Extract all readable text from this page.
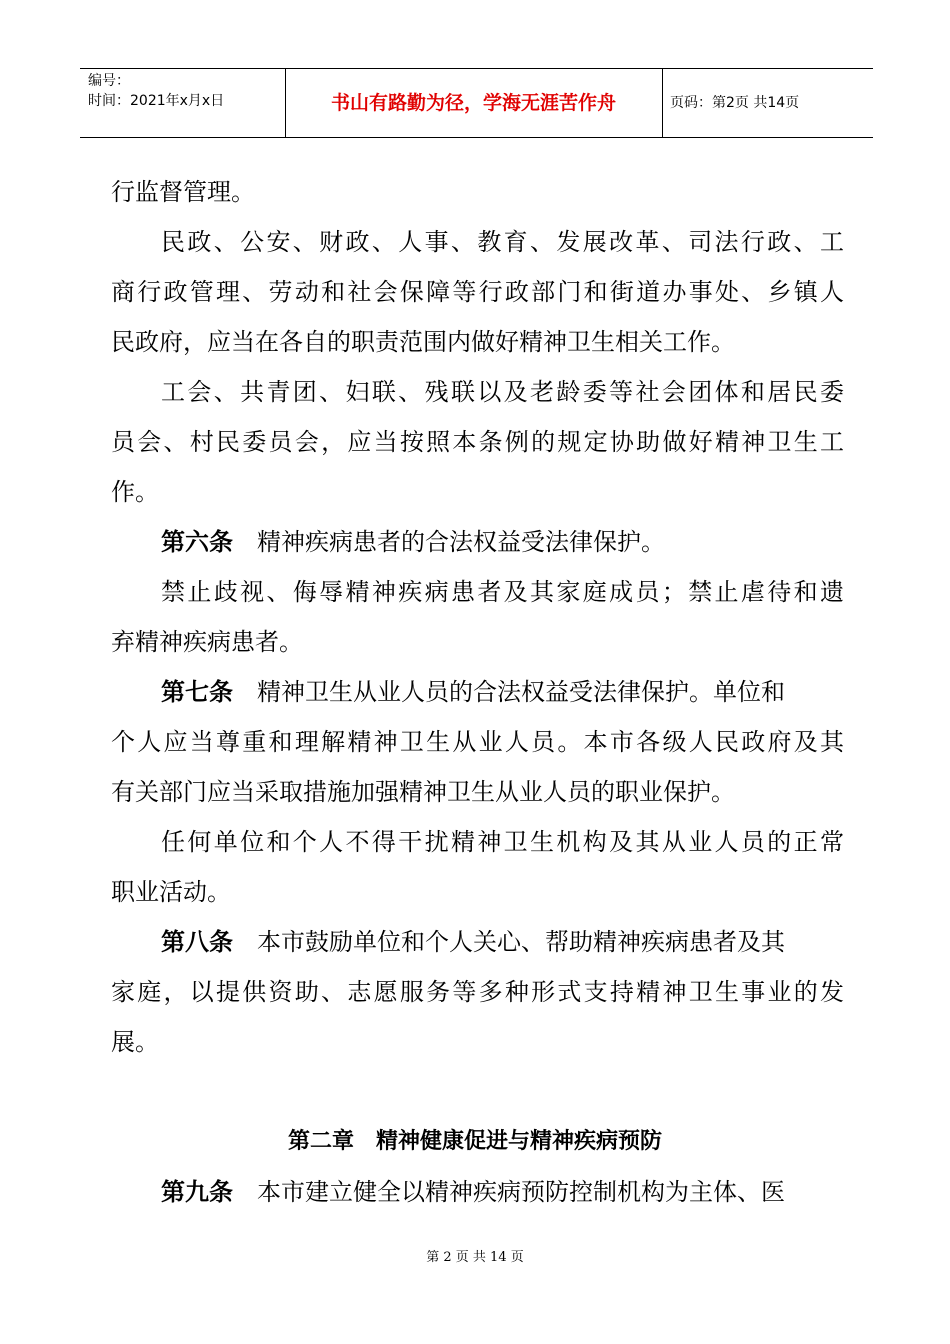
编号：
时间：2021年x月x日	书山有路勤为径，学海无涯苦作舟	页码：第2页 共14页
行监督管理。
民政、公安、财政、人事、教育、发展改革、司法行政、工
商行政管理、劳动和社会保障等行政部门和街道办事处、乡镇人
民政府，应当在各自的职责范围内做好精神卫生相关工作。
工会、共青团、妇联、残联以及老龄委等社会团体和居民委
员会、村民委员会，应当按照本条例的规定协助做好精神卫生工
作。
第六条 精神疾病患者的合法权益受法律保护。
禁止歧视、侮辱精神疾病患者及其家庭成员；禁止虐待和遗
弃精神疾病患者。
第七条 精神卫生从业人员的合法权益受法律保护。单位和
个人应当尊重和理解精神卫生从业人员。本市各级人民政府及其
有关部门应当采取措施加强精神卫生从业人员的职业保护。
任何单位和个人不得干扰精神卫生机构及其从业人员的正常
职业活动。
第八条 本市鼓励单位和个人关心、帮助精神疾病患者及其
家庭，以提供资助、志愿服务等多种形式支持精神卫生事业的发
展。
第二章　精神健康促进与精神疾病预防
第九条 本市建立健全以精神疾病预防控制机构为主体、医
第 2 页 共 14 页
